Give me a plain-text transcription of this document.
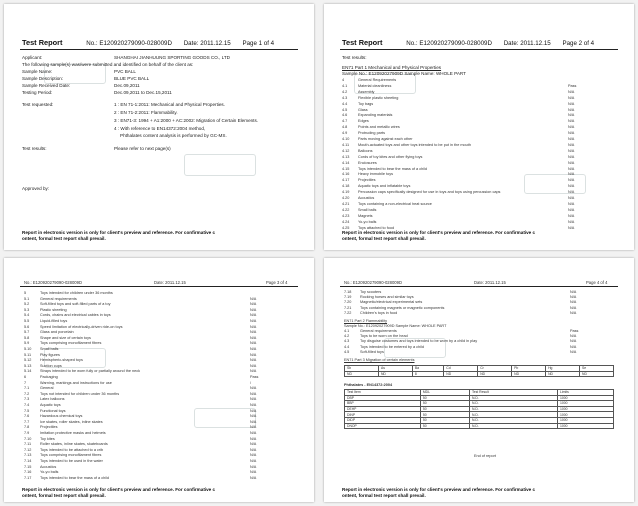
Test Report	No.: E120920279090-028009D Date: 2011.12.15 Page 1 of 4
Applicant:	SHANGHAI JIANHUUNG SPORTING GOODS CO., LTD
The following sample(s) was/were submitted and identified on behalf of the client as:
Sample Name:	PVC BALL
Sample Description:	BLUE PVC BALL
Sample Received Date:	Dec.09,2011
Testing Period:	Dec.09,2011 to Dec.15,2011
Test requested:	1 : EN 71-1:2011: Mechanical and Physical Properties.
2 : EN 71-2:2011: Flammability.
3 : EN71-3: 1994 + A1:2000 + AC:2002: Migration of Certain Elements.
4 : With reference to EN14372:2004 method,
Phthalates content analysis is performed by GC-MS.
Test results:	Please refer to next page(s)
Approved by:
Report in electronic version is only for client's preview and reference. For confirmative c
ontent, formal test report shall prevail.
Test Report	No.: E120920279090-028009D Date: 2011.12.15 Page 2 of 4
Test results:
EN71 Part 1 Mechanical and Physical Properties
Sample No.: E12092027909D Sample Name: WHOLE PART
4	General Requirements
4.1	Material cleanliness	Pass
4.2	Assembly	N/A
4.3	Flexible plastic sheeting	N/A
4.4	Toy bags	N/A
4.5	Glass	N/A
4.6	Expanding materials	N/A
4.7	Edges	N/A
4.8	Points and metallic wires	N/A
4.9	Protruding parts	N/A
4.10 Parts moving against each other	N/A
4.11 Mouth-actuated toys and other toys intended to be put in the mouth	N/A
4.12 Balloons	N/A
4.13 Cords of toy kites and other flying toys	N/A
4.14 Enclosures	N/A
4.15 Toys intended to bear the mass of a child	N/A
4.16 Heavy immobile toys	N/A
4.17 Projectiles	N/A
4.18 Aquatic toys and inflatable toys	N/A
4.19 Percussion caps specifically designed for use in toys and toys using percussion caps	N/A
4.20 Acoustics	N/A
4.21 Toys containing a non-electrical heat source	N/A
4.22 Small balls	N/A
4.23 Magnets	N/A
4.24 Yo-yo balls	N/A
4.25 Toys attached to food	N/A
Report in electronic version is only for client's preview and reference. For confirmative c
ontent, formal test report shall prevail.
No.: E120920279090-028009D	Date: 2011.12.15	Page 3 of 4
5	Toys intended for children under 36 months
5.1	General requirements	N/A
5.2	Soft-filled toys and soft-filled parts of a toy	N/A
5.3	Plastic sheeting	N/A
5.4	Cords, chains and electrical cables in toys	N/A
5.5	Liquid-filled toys	N/A
5.6	Speed limitation of electrically-driven ride-on toys	N/A
5.7	Glass and porcelain	N/A
5.8	Shape and size of certain toys	N/A
5.9	Toys comprising monofilament fibres	N/A
5.10 Small balls	N/A
5.11 Play figures	N/A
5.12 Hemispheric-shaped toys	N/A
5.13 Suction cups	N/A
5.14 Straps intended to be worn fully or partially around the neck	N/A
6	Packaging	Pass
7	Warning, markings and instructions for use	/
7.1	General	N/A
7.2	Toys not intended for children under 36 months	N/A
7.3	Latex balloons	N/A
7.4	Aquatic toys	N/A
7.5	Functional toys	N/A
7.6	Hazardous chemical toys	N/A
7.7	Ice skates, roller skates, inline skates	N/A
7.8	Projectiles	N/A
7.9	Imitation protective masks and helmets	N/A
7.10 Toy kites	N/A
7.11 Roller skates, inline skates, skateboards	N/A
7.12 Toys intended to be attached to a crib	N/A
7.13 Toys comprising monofilament fibres	N/A
7.14 Toys intended to be used in the water	N/A
7.15 Acoustics	N/A
7.16 Yo-yo balls	N/A
7.17 Toys intended to bear the mass of a child	N/A
Report in electronic version is only for client's preview and reference. For confirmative c
ontent, formal test report shall prevail.
No.: E120920279090-028009D	Date: 2011.12.15	Page 4 of 4
7.18 Toy scooters	N/A
7.19 Rocking horses and similar toys	N/A
7.20 Magnetic/electrical experimental sets	N/A
7.21 Toys containing magnets or magnetic components	N/A
7.22 Children's toys in food	N/A
EN71 Part 2 Flammability
Sample No.: E12092027909D Sample Name: WHOLE PART
4.1	General requirements	Pass
4.2	Toys to be worn on the head	N/A
4.3	Toy disguise costumes and toys intended to be worn by a child in play	N/A
4.4	Toys intended to be entered by a child	N/A
4.5	Soft-filled toys	N/A
EN71 Part 3 Migration of certain elements
Sb	As	Ba	Cd	Cr	Pb	Hg	Se
ND	ND	8	ND	ND	ND	ND	ND
Phthalates - EN14372:2004
Test Item	MDL	Test Result	Limits
DBP	50	N.D.	1000
BBP	50	N.D.	1000
DEHP	50	N.D.	1000
DINP	50	N.D.	1000
DIDP	50	N.D.	1000
DNOP	50	N.D.	1000
End of report
Report in electronic version is only for client's preview and reference. For confirmative c
ontent, formal test report shall prevail.
